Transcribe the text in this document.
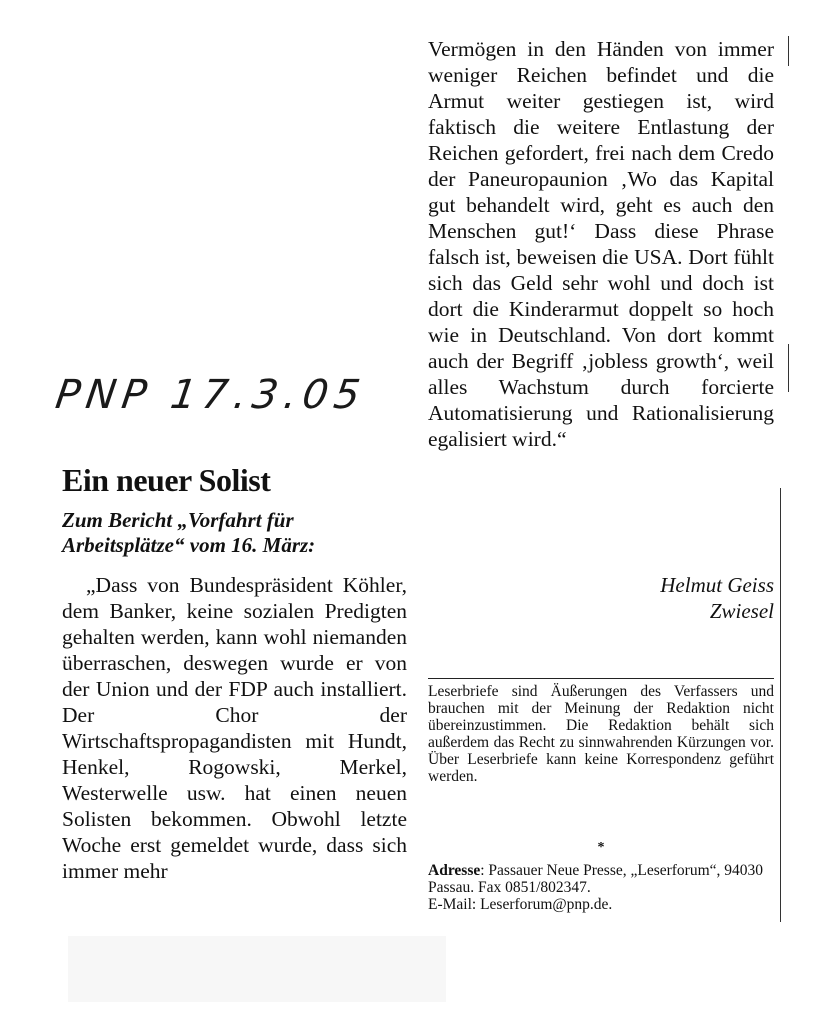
PNP 17.3.05
Ein neuer Solist
Zum Bericht „Vorfahrt für Arbeitsplätze“ vom 16. März:

„Dass von Bundespräsident Köhler, dem Banker, keine sozialen Predigten gehalten werden, kann wohl niemanden überraschen, deswegen wurde er von der Union und der FDP auch installiert. Der Chor der Wirtschaftspropagandisten mit Hundt, Henkel, Rogowski, Merkel, Westerwelle usw. hat einen neuen Solisten bekommen. Obwohl letzte Woche erst gemeldet wurde, dass sich immer mehr

Vermögen in den Händen von immer weniger Reichen befindet und die Armut weiter gestiegen ist, wird faktisch die weitere Entlastung der Reichen gefordert, frei nach dem Credo der Paneuropaunion ‚Wo das Kapital gut behandelt wird, geht es auch den Menschen gut!‘ Dass diese Phrase falsch ist, beweisen die USA. Dort fühlt sich das Geld sehr wohl und doch ist dort die Kinderarmut doppelt so hoch wie in Deutschland. Von dort kommt auch der Begriff ‚jobless growth‘, weil alles Wachstum durch forcierte Automatisierung und Rationalisierung egalisiert wird.“

Helmut Geiss
Zwiesel
Leserbriefe sind Äußerungen des Verfassers und brauchen mit der Meinung der Redaktion nicht übereinzustimmen. Die Redaktion behält sich außerdem das Recht zu sinnwahrenden Kürzungen vor. Über Leserbriefe kann keine Korrespondenz geführt werden.
*
Adresse: Passauer Neue Presse, „Leserforum“, 94030 Passau. Fax 0851/802347.
E-Mail: Leserforum@pnp.de.
